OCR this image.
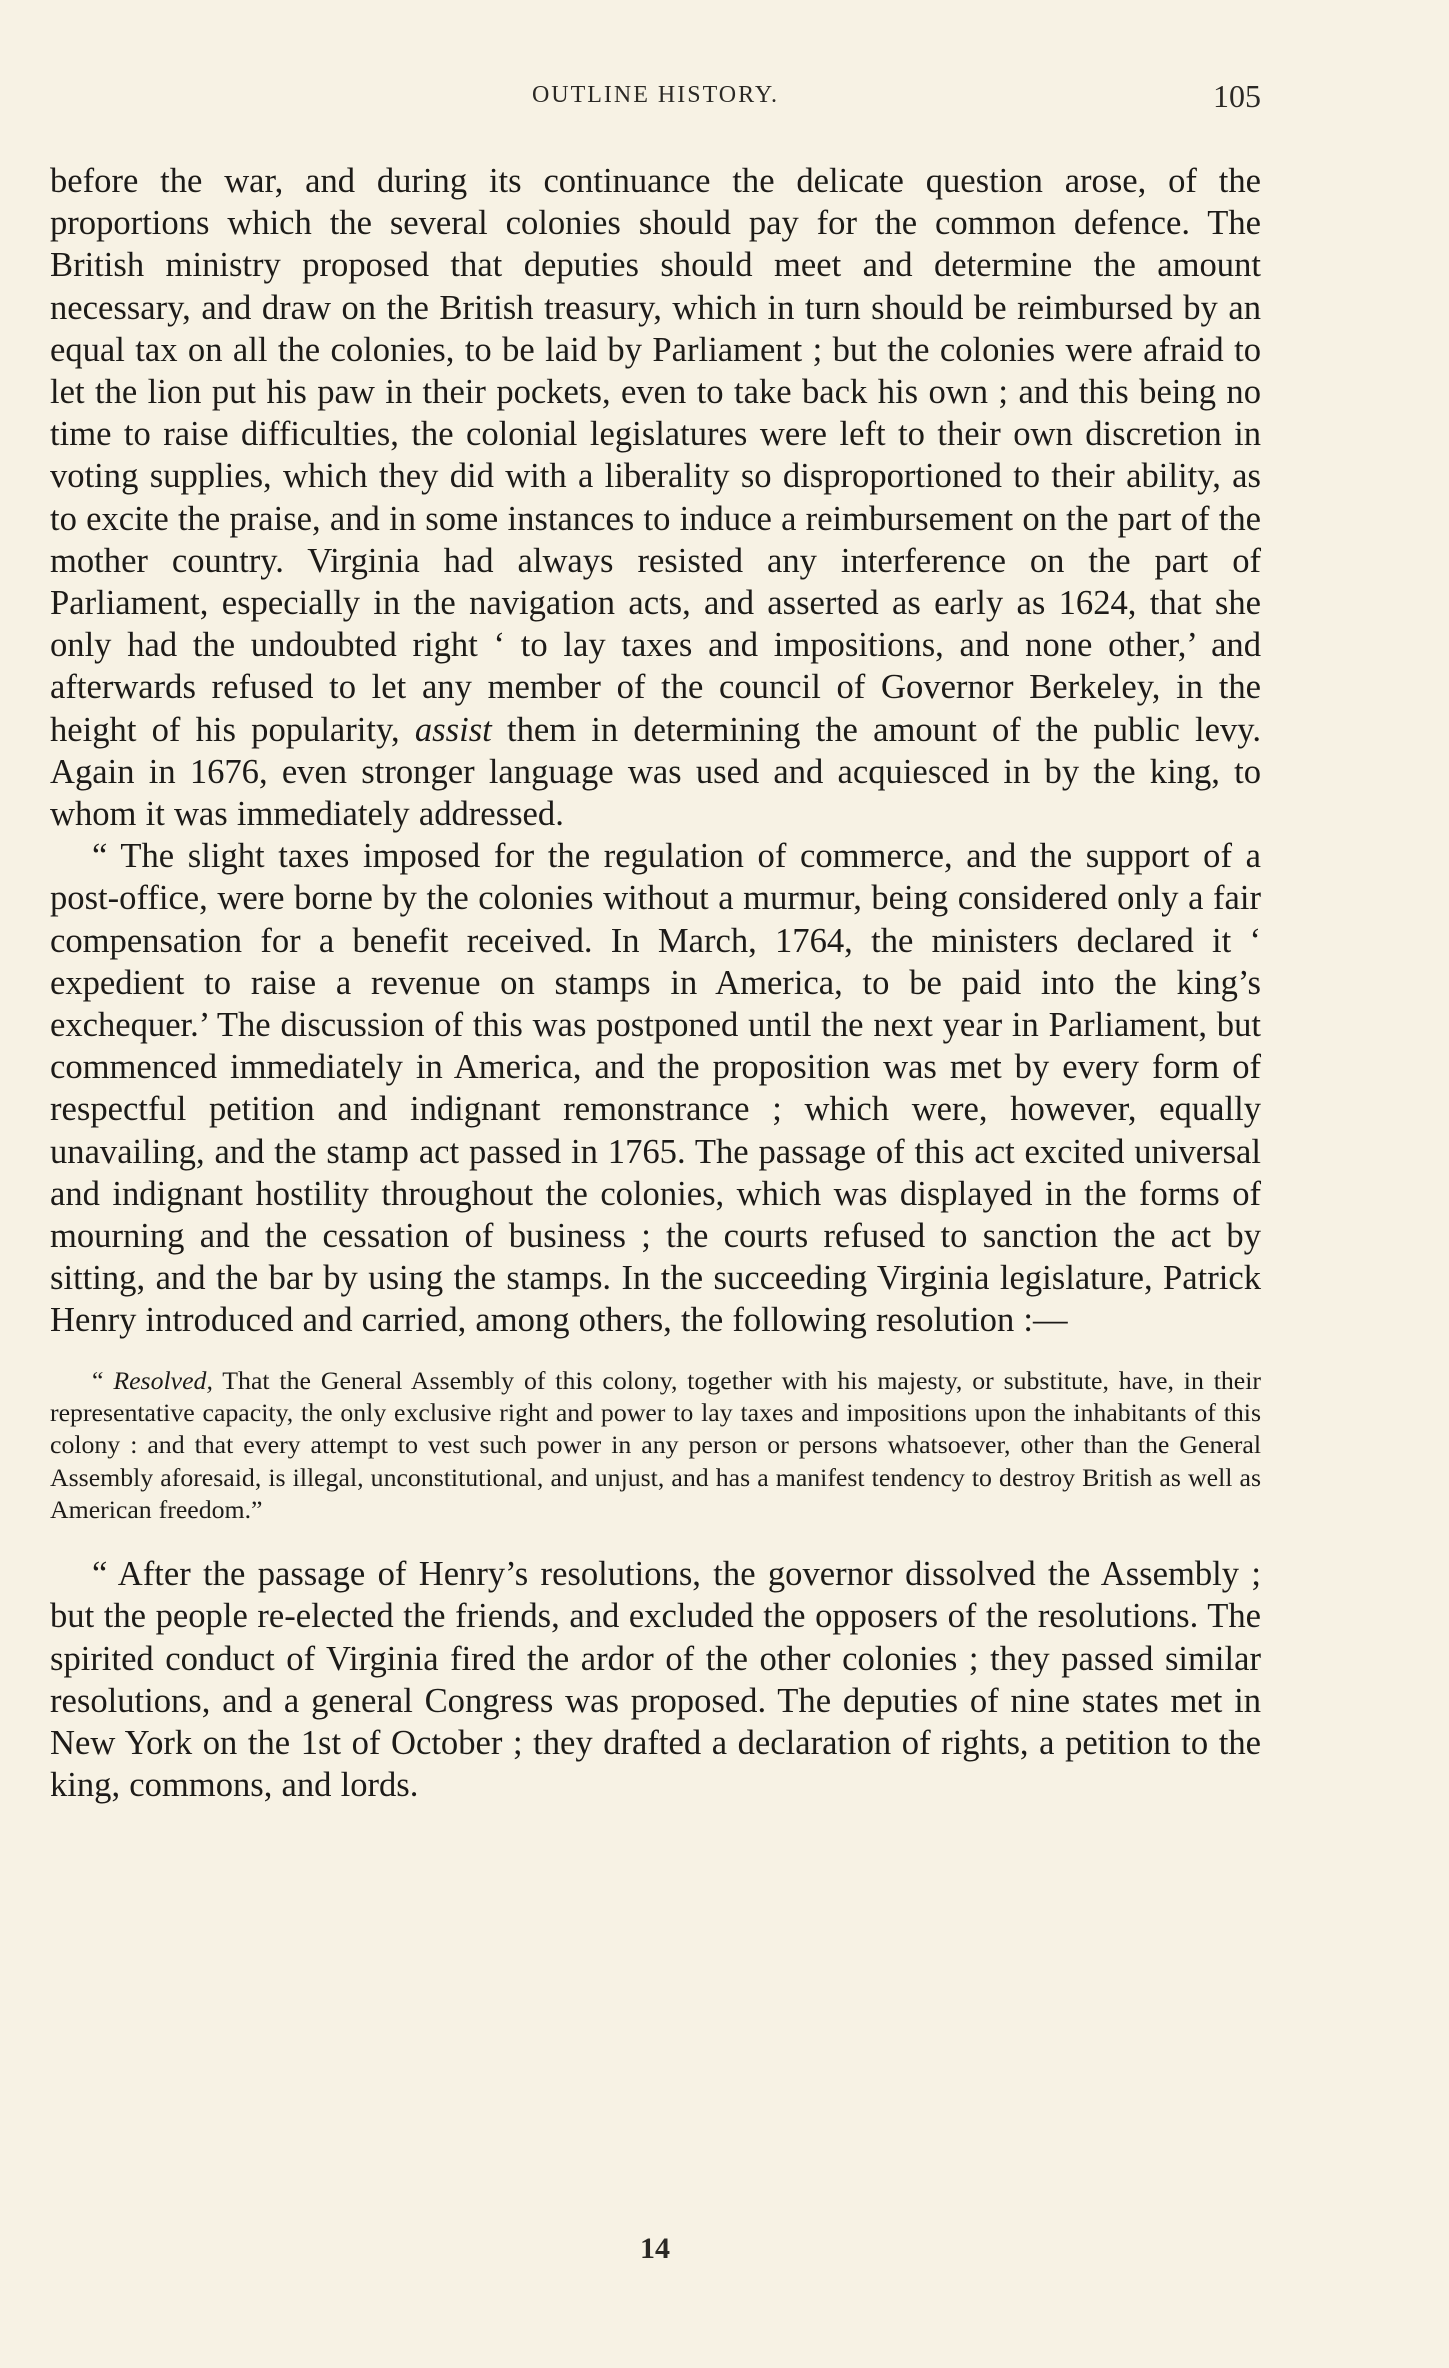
OUTLINE HISTORY.	105

before the war, and during its continuance the delicate question arose, of the proportions which the several colonies should pay for the common defence. The British ministry proposed that deputies should meet and determine the amount necessary, and draw on the British treasury, which in turn should be reimbursed by an equal tax on all the colonies, to be laid by Parliament ; but the colonies were afraid to let the lion put his paw in their pockets, even to take back his own ; and this being no time to raise difficulties, the colonial legislatures were left to their own discretion in voting supplies, which they did with a liberality so disproportioned to their ability, as to excite the praise, and in some instances to induce a reimbursement on the part of the mother country. Virginia had always resisted any interference on the part of Parliament, especially in the navigation acts, and asserted as early as 1624, that she only had the undoubted right ‘ to lay taxes and impositions, and none other,’ and afterwards refused to let any member of the council of Governor Berkeley, in the height of his popularity, assist them in determining the amount of the public levy. Again in 1676, even stronger language was used and acquiesced in by the king, to whom it was immediately addressed.

“ The slight taxes imposed for the regulation of commerce, and the support of a post-office, were borne by the colonies without a murmur, being considered only a fair compensation for a benefit received. In March, 1764, the ministers declared it ‘ expedient to raise a revenue on stamps in America, to be paid into the king’s exchequer.’ The discussion of this was postponed until the next year in Parliament, but commenced immediately in America, and the proposition was met by every form of respectful petition and indignant remonstrance ; which were, however, equally unavailing, and the stamp act passed in 1765. The passage of this act excited universal and indignant hostility throughout the colonies, which was displayed in the forms of mourning and the cessation of business ; the courts refused to sanction the act by sitting, and the bar by using the stamps. In the succeeding Virginia legislature, Patrick Henry introduced and carried, among others, the following resolution :—

“ Resolved, That the General Assembly of this colony, together with his majesty, or substitute, have, in their representative capacity, the only exclusive right and power to lay taxes and impositions upon the inhabitants of this colony : and that every attempt to vest such power in any person or persons whatsoever, other than the General Assembly aforesaid, is illegal, unconstitutional, and unjust, and has a manifest tendency to destroy British as well as American freedom.”

“ After the passage of Henry’s resolutions, the governor dissolved the Assembly ; but the people re-elected the friends, and excluded the opposers of the resolutions. The spirited conduct of Virginia fired the ardor of the other colonies ; they passed similar resolutions, and a general Congress was proposed. The deputies of nine states met in New York on the 1st of October ; they drafted a declaration of rights, a petition to the king, commons, and lords.

14
